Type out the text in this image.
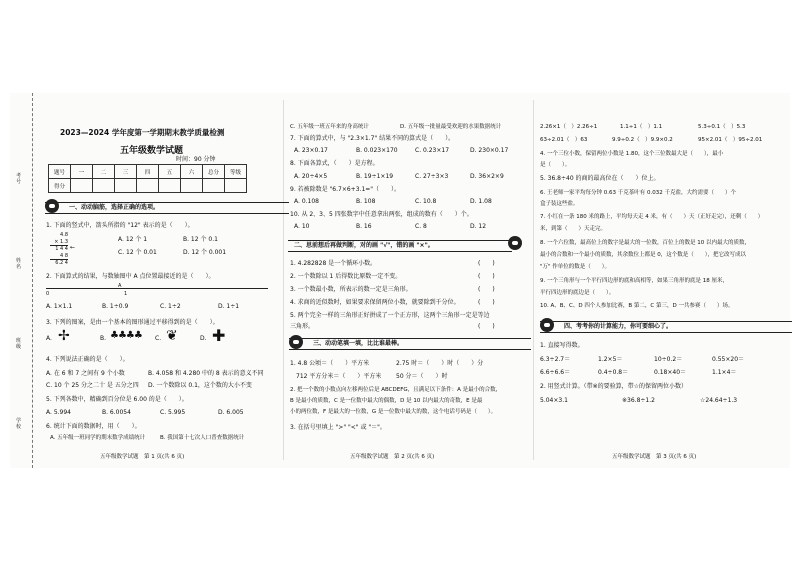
考号
姓名
班级
学校
2023—2024 学年度第一学期期末教学质量检测
五年级数学试题
时间：90 分钟
题号	一	二	三	四	五	六	总分	等级
得分								
一、动动脑筋，选择正确的选项。
1. 下面的竖式中，箭头所指的 "12" 表示的是（　　）。
4.8
× 1.3
1 4 4
4 8
6.2 4
←
A. 12 个 1	B. 12 个 0.1
C. 12 个 0.01	D. 12 个 0.001
2. 下面算式的结果，与数轴图中 A 点位置最接近的是（　　）。
0
A
1
A. 1×1.1	B. 1÷0.9	C. 1÷2	D. 1÷1
3. 下列的图案，是由一个基本的图形通过平移得到的是（　　）。
A. ✢	B. ♣♣♣♣ C. ❦	D. ✚
4. 下列说法正确的是（　　）。
A. 在 6 和 7 之间有 9 个小数	B. 4.058 和 4.280 中的 8 表示的意义不同
C. 10 个 25 分之二十 是 五分之四 D. 一个数除以 0.1，这个数的大小不变
5. 下列各数中，精确到百分位是 6.00 的是（　　）。
A. 5.994	B. 6.0054	C. 5.995	D. 6.005
6. 统计下面的数据时，用（　　）。
A. 五年级一班同学的期末数学成绩统计	B. 我国第十七次人口普查数据统计
五年级数学试题　第 1 页(共 6 页)
C. 五年级一班五年来的身高统计	D. 五年级一批量最受欢迎的水果数据统计
7. 下面的算式中，与 "2.3×1.7" 结果不同的算式是（　　）。
A. 23×0.17	B. 0.023×170	C. 0.23×17	D. 230×0.17
8. 下面各算式，（　　）是方程。
A. 20÷4×5	B. 19÷1×19	C. 27÷3×3	D. 36×2×9
9. 若被除数是 "6.7×6+3.1="（　　）。
A. 0.108	B. 108	C. 10.8	D. 1.08
10. 从 2、3、5 四张数字中任意拿出两张，组成的数有（　　）个。
A. 10	B. 16	C. 8	D. 12
二、思前想后再做判断，对的画 "√"，错的画 "×"。
1. 4.282828 是一个循环小数。	(　　)
2. 一个数除以 1 后得数比原数一定不变。	(　　)
3. 一个数最小数，所表示的数一定是三角形。	(　　)
4. 求商的近似数时，如果要求保留两位小数，就要除到千分位。	(　　)
5. 两个完全一样的三角形正好拼成了一个正方形，这两个三角形一定是等边
三角形。	(　　)
三、动动笔填一填，比比谁最棒。
1. 4.8 公顷＝（　　）平方米	2.75 时＝（　　）时（　　）分
712 平方分米＝（　　）平方米 50 分＝（　　）时
2. 把一个数的小数点向左移两位后是 ABCDEFG，且满足以下条件：A 是最小的合数，
B 是最小的质数，C 是一位数中最大的偶数，D 是 10 以内最大的奇数，E 是最
小的两位数，F 是最大的一位数，G 是一位数中最大的数，这个电话号码是（　　）。
3. 在括号里填上 ">" "<" 或 "＝"。
五年级数学试题　第 2 页(共 6 页)
2.26×1（　）2.26÷1	1.1÷1（　）1.1	5.3÷0.1（　）5.3
63÷2.01（　）63	9.9÷0.2（　）9.9×0.2	95×2.01（　）95÷2.01
4. 一个三位小数，保留两位小数是 1.80，这个三位数最大是（　　），最小
是（　　）。
5. 36.8÷40 的商的最高位在（　　）位上。
6. 王老师一家平均每分钟 0.63 千克茶叶有 0.032 千克盐，大约需要（　　）个
盒子装这些盐。
7. 小红在一条 180 米的路上，平均每天走 4 米，有（　　）天（正好走完），还剩（　　）
米，到第（　　）天走完。
8. 一个六位数，最高位上的数字是最大的一位数，百位上的数是 10 以内最大的质数，
最小的合数和一个最小的质数，其余数位上都是 0，这个数是（　　），把它改写成以
"万" 作单位的数是（　　）。
9. 一个三角形与一个平行四边形的底和高相等，如果三角形的底是 18 厘米，
平行四边形的底边是（　　）。
10. A、B、C、D 四个人参加比赛，B 第二，C 第三，D 一共参赛（　　）场。
四、考考你的计算能力，你可要细心了。
1. 直接写得数。
6.3÷2.7＝	1.2×5＝	10÷0.2＝	0.55×20＝
6.6÷6.6＝	0.4÷0.8＝	0.18×40＝	1.1×4＝
2. 用竖式计算。（带※的要验算，带☆的保留两位小数）
5.04×3.1	※36.8÷1.2	☆24.64÷1.3
五年级数学试题　第 3 页(共 6 页)
